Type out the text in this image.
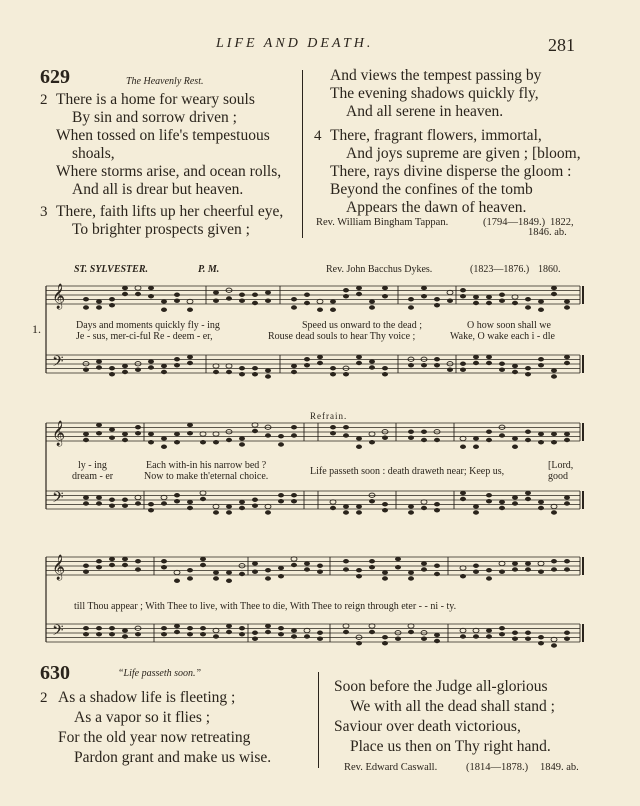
LIFE AND DEATH.	281
629	The Heavenly Rest.
2 There is a home for weary souls
By sin and sorrow driven ;
When tossed on life's tempestuous
shoals,
Where storms arise, and ocean rolls,
And all is drear but heaven.
3 There, faith lifts up her cheerful eye,
To brighter prospects given ;
And views the tempest passing by
The evening shadows quickly fly,
And all serene in heaven.
4 There, fragrant flowers, immortal,
And joys supreme are given ; [bloom,
There, rays divine disperse the gloom :
Beyond the confines of the tomb
Appears the dawn of heaven.
Rev. William Bingham Tappan.	(1794—1849.) 1822,
1846. ab.
ST. SYLVESTER.	P. M.	Rev. John Bacchus Dykes.	(1823—1876.) 1860.
𝄞
𝄞
𝄞
𝄢
𝄢
𝄢
1.	Days and moments quickly fly - ing	Speed us onward to the dead ;	O how soon shall we
Je - sus, mer-ci-ful Re - deem - er,	Rouse dead souls to hear Thy voice ;	Wake, O wake each i - dle
Refrain.
ly - ing	Each with-in his narrow bed ?
Life passeth soon : death draweth near; Keep us,
[Lord,
dream - er	Now to make th'eternal choice.	good
till Thou appear ; With Thee to live, with Thee to die, With Thee to reign through eter - - ni - ty.
630	“Life passeth soon.”
2 As a shadow life is fleeting ;
As a vapor so it flies ;
For the old year now retreating
Pardon grant and make us wise.
Soon before the Judge all-glorious
We with all the dead shall stand ;
Saviour over death victorious,
Place us then on Thy right hand.
Rev. Edward Caswall.	(1814—1878.) 1849. ab.
